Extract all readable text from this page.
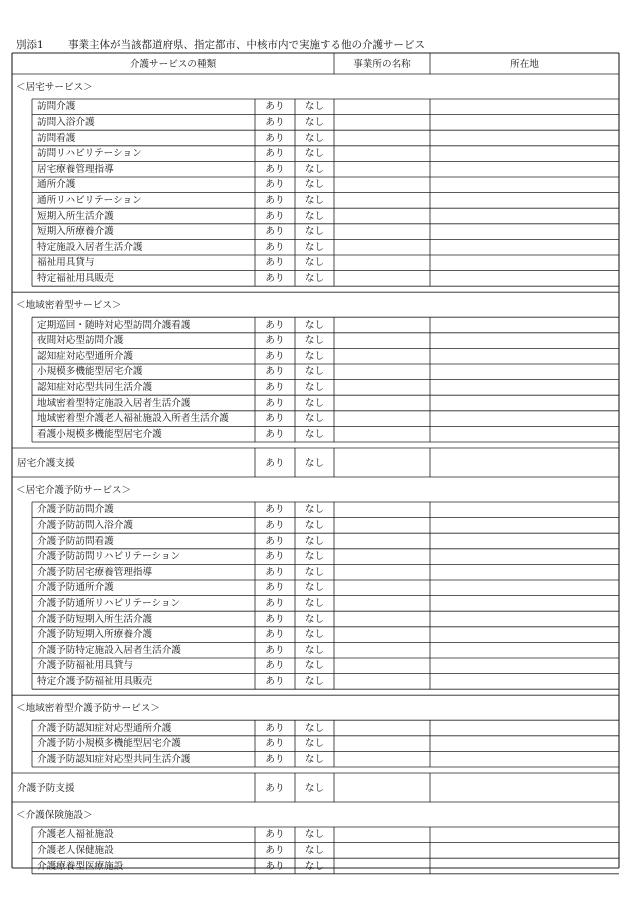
別添1 事業主体が当該都道府県、指定都市、中核市内で実施する他の介護サービス
介護サービスの種類	事業所の名称	所在地
＜居宅サービス＞
訪問介護	あり なし
訪問入浴介護	あり なし
訪問看護	あり なし
訪問リハビリテーション	あり なし
居宅療養管理指導	あり なし
通所介護	あり なし
通所リハビリテーション	あり なし
短期入所生活介護	あり なし
短期入所療養介護	あり なし
特定施設入居者生活介護	あり なし
福祉用具貸与	あり なし
特定福祉用具販売	あり なし
＜地域密着型サービス＞
定期巡回・随時対応型訪問介護看護	あり なし
夜間対応型訪問介護	あり なし
認知症対応型通所介護	あり なし
小規模多機能型居宅介護	あり なし
認知症対応型共同生活介護	あり なし
地域密着型特定施設入居者生活介護	あり なし
地域密着型介護老人福祉施設入所者生活介護	あり なし
看護小規模多機能型居宅介護	あり なし
居宅介護支援	あり なし
＜居宅介護予防サービス＞
介護予防訪問介護	あり なし
介護予防訪問入浴介護	あり なし
介護予防訪問看護	あり なし
介護予防訪問リハビリテーション	あり なし
介護予防居宅療養管理指導	あり なし
介護予防通所介護	あり なし
介護予防通所リハビリテーション	あり なし
介護予防短期入所生活介護	あり なし
介護予防短期入所療養介護	あり なし
介護予防特定施設入居者生活介護	あり なし
介護予防福祉用具貸与	あり なし
特定介護予防福祉用具販売	あり なし
＜地域密着型介護予防サービス＞
介護予防認知症対応型通所介護	あり なし
介護予防小規模多機能型居宅介護	あり なし
介護予防認知症対応型共同生活介護	あり なし
介護予防支援	あり なし
＜介護保険施設＞
介護老人福祉施設	あり なし
介護老人保健施設	あり なし
介護療養型医療施設	あり なし
